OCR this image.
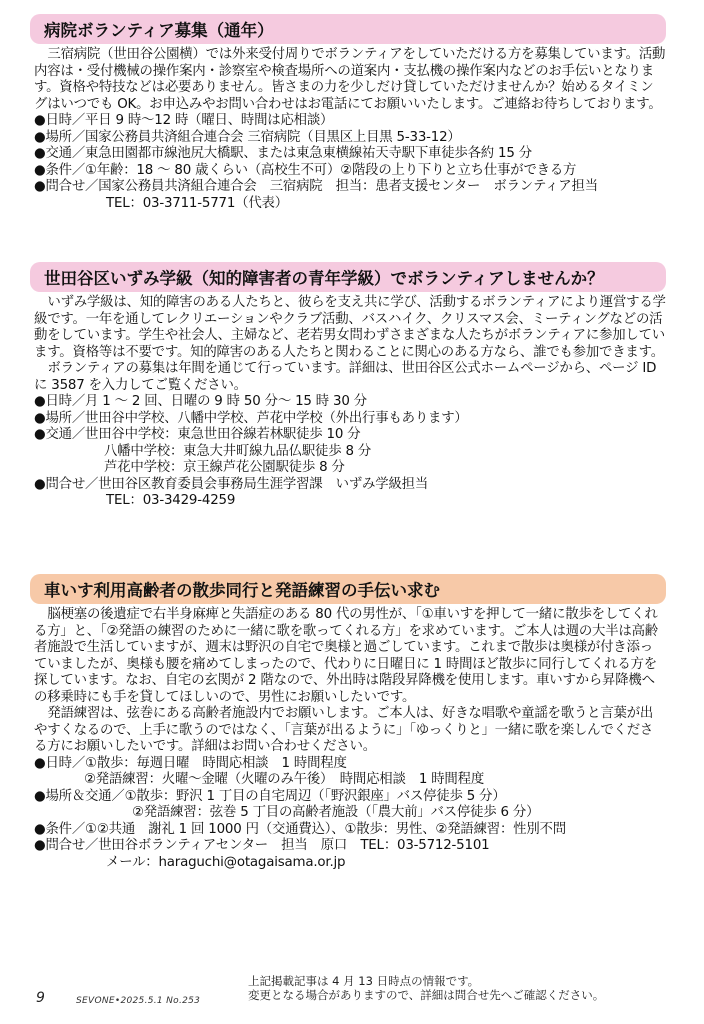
病院ボランティア募集（通年）

三宿病院（世田谷公園横）では外来受付周りでボランティアをしていただける方を募集しています。活動内容は・受付機械の操作案内・診察室や検査場所への道案内・支払機の操作案内などのお手伝いとなります。資格や特技などは必要ありません。皆さまの力を少しだけ貸していただけませんか？始めるタイミングはいつでも OK。お申込みやお問い合わせはお電話にてお願いいたします。ご連絡お待ちしております。

●日時／平日 9 時～12 時（曜日、時間は応相談）

●場所／国家公務員共済組合連合会 三宿病院（目黒区上目黒 5-33-12）

●交通／東急田園都市線池尻大橋駅、または東急東横線祐天寺駅下車徒歩各約 15 分

●条件／①年齢：18 ～ 80 歳くらい（高校生不可）②階段の上り下りと立ち仕事ができる方

●問合せ／国家公務員共済組合連合会　三宿病院　担当：患者支援センター　ボランティア担当

TEL：03-3711-5771（代表）

世田谷区いずみ学級（知的障害者の青年学級）でボランティアしませんか？

いずみ学級は、知的障害のある人たちと、彼らを支え共に学び、活動するボランティアにより運営する学級です。一年を通してレクリエーションやクラブ活動、バスハイク、クリスマス会、ミーティングなどの活動をしています。学生や社会人、主婦など、老若男女問わずさまざまな人たちがボランティアに参加しています。資格等は不要です。知的障害のある人たちと関わることに関心のある方なら、誰でも参加できます。

ボランティアの募集は年間を通じて行っています。詳細は、世田谷区公式ホームページから、ページ ID に 3587 を入力してご覧ください。

●日時／月 1 ～ 2 回、日曜の 9 時 50 分～ 15 時 30 分

●場所／世田谷中学校、八幡中学校、芦花中学校（外出行事もあります）

●交通／世田谷中学校：東急世田谷線若林駅徒歩 10 分

八幡中学校：東急大井町線九品仏駅徒歩 8 分

芦花中学校：京王線芦花公園駅徒歩 8 分

●問合せ／世田谷区教育委員会事務局生涯学習課　いずみ学級担当

TEL：03-3429-4259

車いす利用高齢者の散歩同行と発語練習の手伝い求む

脳梗塞の後遺症で右半身麻痺と失語症のある 80 代の男性が、「①車いすを押して一緒に散歩をしてくれる方」と、「②発語の練習のために一緒に歌を歌ってくれる方」を求めています。ご本人は週の大半は高齢者施設で生活していますが、週末は野沢の自宅で奥様と過ごしています。これまで散歩は奥様が付き添っていましたが、奥様も腰を痛めてしまったので、代わりに日曜日に 1 時間ほど散歩に同行してくれる方を探しています。なお、自宅の玄関が 2 階なので、外出時は階段昇降機を使用します。車いすから昇降機への移乗時にも手を貸してほしいので、男性にお願いしたいです。

発語練習は、弦巻にある高齢者施設内でお願いします。ご本人は、好きな唱歌や童謡を歌うと言葉が出やすくなるので、上手に歌うのではなく、「言葉が出るように」「ゆっくりと」一緒に歌を楽しんでくださる方にお願いしたいです。詳細はお問い合わせください。

●日時／①散歩：毎週日曜　時間応相談　1 時間程度

②発語練習：火曜～金曜（火曜のみ午後）　時間応相談　1 時間程度

●場所＆交通／①散歩：野沢 1 丁目の自宅周辺（「野沢銀座」バス停徒歩 5 分）

②発語練習：弦巻 5 丁目の高齢者施設（「農大前」バス停徒歩 6 分）

●条件／①②共通　謝礼 1 回 1000 円（交通費込）、①散歩：男性、②発語練習：性別不問

●問合せ／世田谷ボランティアセンター　担当　原口　TEL：03-5712-5101

メール：haraguchi@otagaisama.or.jp

上記掲載記事は 4 月 13 日時点の情報です。
変更となる場合がありますので、詳細は問合せ先へご確認ください。
9	SEVONE•2025.5.1 No.253
